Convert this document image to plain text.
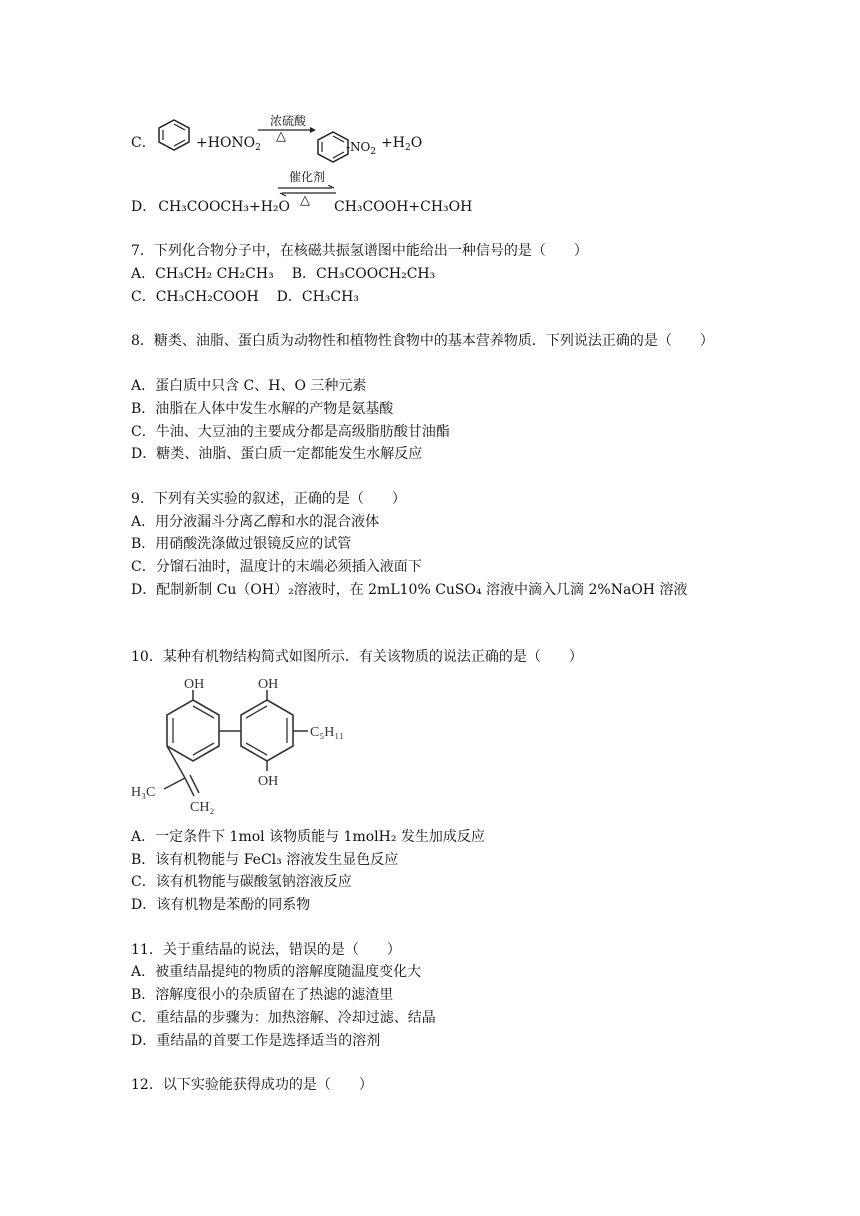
C．	$+HONO_2$
浓硫酸
△
$-NO_2$
$+H_2O$
D． CH₃COOCH₃+H₂O
催化剂
△ CH₃COOH+CH₃OH
7．下列化合物分子中，在核磁共振氢谱图中能给出一种信号的是（　　）
A．CH₃CH₂ CH₂CH₃ B．CH₃COOCH₂CH₃
C．CH₃CH₂COOH D．CH₃CH₃
8．糖类、油脂、蛋白质为动物性和植物性食物中的基本营养物质．下列说法正确的是（　　）
A．蛋白质中只含 C、H、O 三种元素
B．油脂在人体中发生水解的产物是氨基酸
C．牛油、大豆油的主要成分都是高级脂肪酸甘油酯
D．糖类、油脂、蛋白质一定都能发生水解反应
9．下列有关实验的叙述，正确的是（　　）
A．用分液漏斗分离乙醇和水的混合液体
B．用硝酸洗涤做过银镜反应的试管
C．分馏石油时，温度计的末端必须插入液面下
D．配制新制 Cu（OH）₂溶液时，在 2mL10% CuSO₄ 溶液中滴入几滴 2%NaOH 溶液
10．某种有机物结构简式如图所示．有关该物质的说法正确的是（　　）
OH	OH
OH
C₅H₁₁
H₃C
CH₂
A．一定条件下 1mol 该物质能与 1molH₂ 发生加成反应
B．该有机物能与 FeCl₃ 溶液发生显色反应
C．该有机物能与碳酸氢钠溶液反应
D．该有机物是苯酚的同系物
11．关于重结晶的说法，错误的是（　　）
A．被重结晶提纯的物质的溶解度随温度变化大
B．溶解度很小的杂质留在了热滤的滤渣里
C．重结晶的步骤为：加热溶解、冷却过滤、结晶
D．重结晶的首要工作是选择适当的溶剂
12．以下实验能获得成功的是（　　）
